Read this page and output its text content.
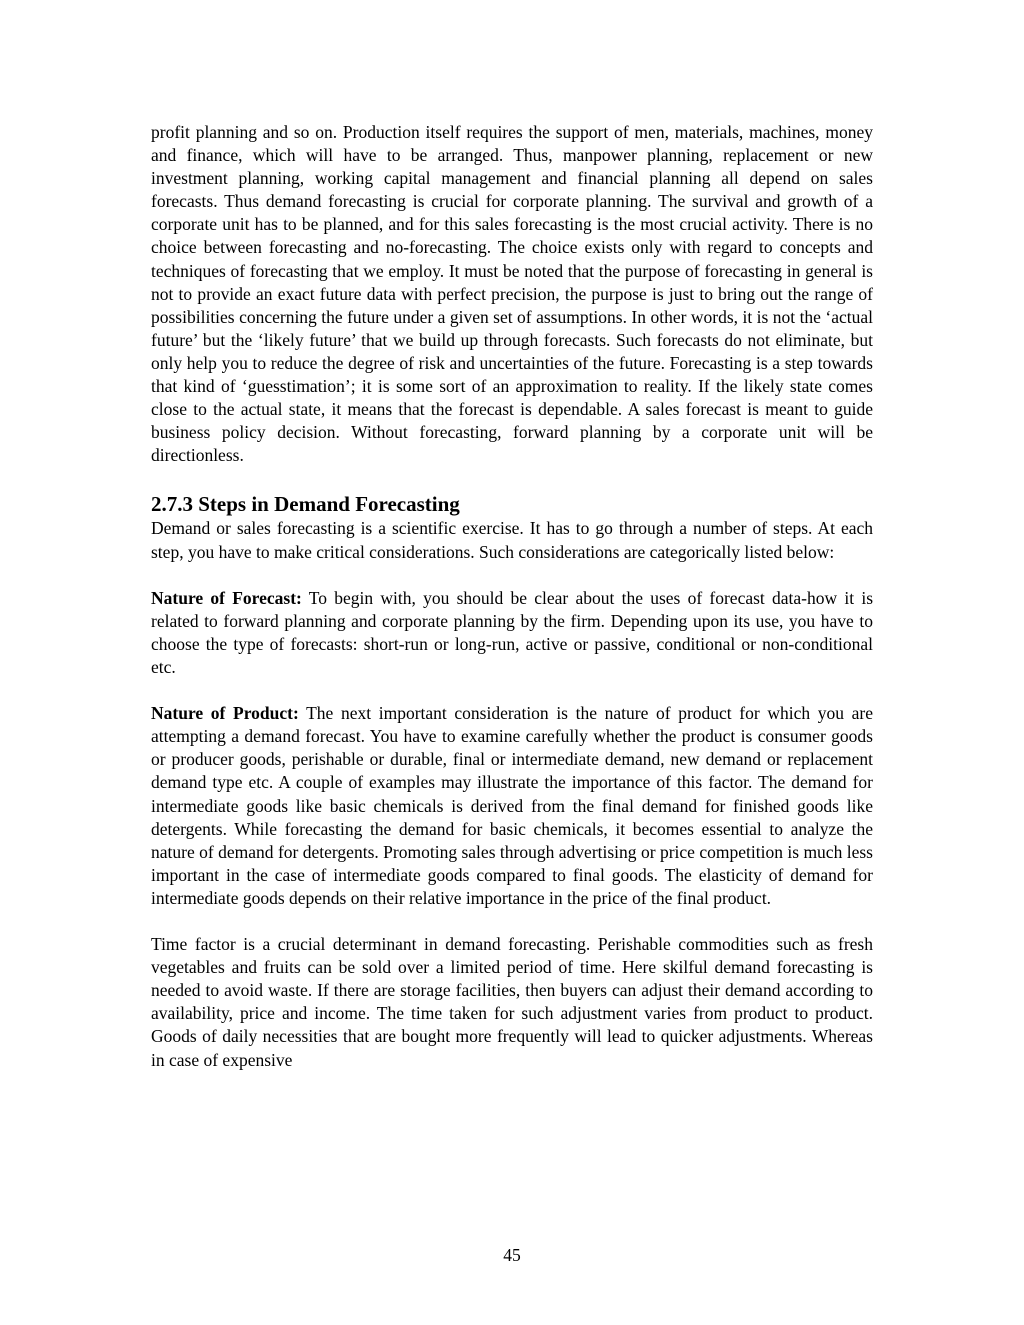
profit planning and so on. Production itself requires the support of men, materials, machines, money and finance, which will have to be arranged. Thus, manpower planning, replacement or new investment planning, working capital management and financial planning all depend on sales forecasts. Thus demand forecasting is crucial for corporate planning. The survival and growth of a corporate unit has to be planned, and for this sales forecasting is the most crucial activity. There is no choice between forecasting and no-forecasting. The choice exists only with regard to concepts and techniques of forecasting that we employ. It must be noted that the purpose of forecasting in general is not to provide an exact future data with perfect precision, the purpose is just to bring out the range of possibilities concerning the future under a given set of assumptions. In other words, it is not the ‘actual future’ but the ‘likely future’ that we build up through forecasts. Such forecasts do not eliminate, but only help you to reduce the degree of risk and uncertainties of the future. Forecasting is a step towards that kind of ‘guesstimation’; it is some sort of an approximation to reality. If the likely state comes close to the actual state, it means that the forecast is dependable. A sales forecast is meant to guide business policy decision. Without forecasting, forward planning by a corporate unit will be directionless.

2.7.3 Steps in Demand Forecasting

Demand or sales forecasting is a scientific exercise. It has to go through a number of steps. At each step, you have to make critical considerations. Such considerations are categorically listed below:

Nature of Forecast: To begin with, you should be clear about the uses of forecast data-how it is related to forward planning and corporate planning by the firm. Depending upon its use, you have to choose the type of forecasts: short-run or long-run, active or passive, conditional or non-conditional etc.

Nature of Product: The next important consideration is the nature of product for which you are attempting a demand forecast. You have to examine carefully whether the product is consumer goods or producer goods, perishable or durable, final or intermediate demand, new demand or replacement demand type etc. A couple of examples may illustrate the importance of this factor. The demand for intermediate goods like basic chemicals is derived from the final demand for finished goods like detergents. While forecasting the demand for basic chemicals, it becomes essential to analyze the nature of demand for detergents. Promoting sales through advertising or price competition is much less important in the case of intermediate goods compared to final goods. The elasticity of demand for intermediate goods depends on their relative importance in the price of the final product.

Time factor is a crucial determinant in demand forecasting. Perishable commodities such as fresh vegetables and fruits can be sold over a limited period of time. Here skilful demand forecasting is needed to avoid waste. If there are storage facilities, then buyers can adjust their demand according to availability, price and income. The time taken for such adjustment varies from product to product. Goods of daily necessities that are bought more frequently will lead to quicker adjustments. Whereas in case of expensive

45
